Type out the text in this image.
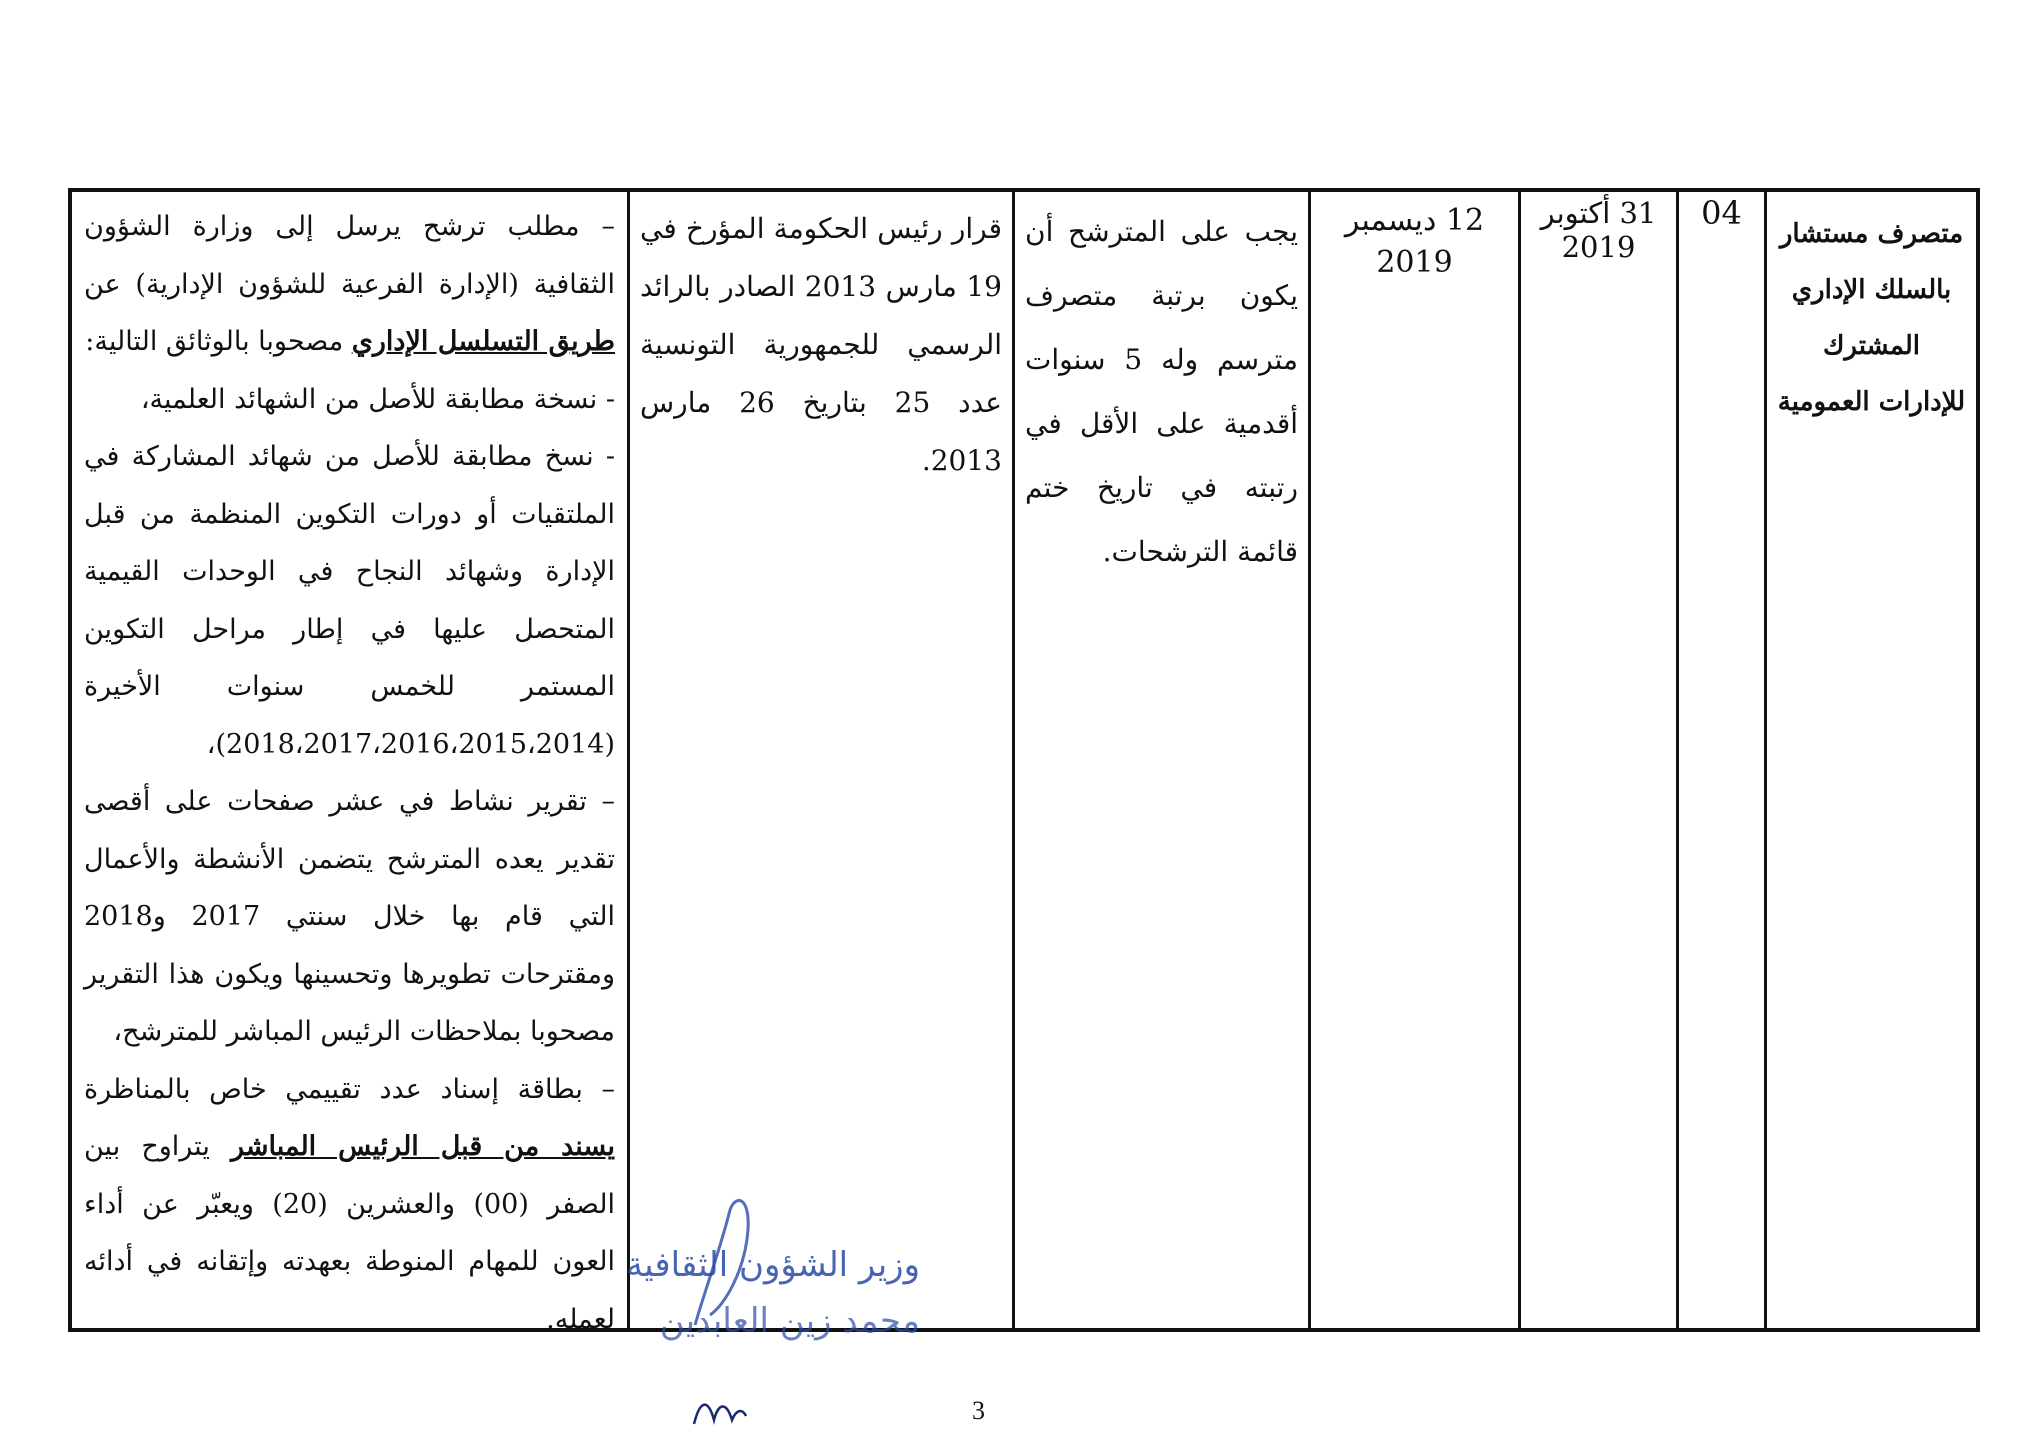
متصرف مستشار بالسلك الإداري المشترك للإدارات العمومية
04
31 أكتوبر 2019
12 ديسمبر 2019
يجب على المترشح أن يكون برتبة متصرف مترسم وله 5 سنوات أقدمية على الأقل في رتبته في تاريخ ختم قائمة الترشحات.
قرار رئيس الحكومة المؤرخ في 19 مارس 2013 الصادر بالرائد الرسمي للجمهورية التونسية عدد 25 بتاريخ 26 مارس 2013.

– مطلب ترشح يرسل إلى وزارة الشؤون الثقافية (الإدارة الفرعية للشؤون الإدارية) عن طريق التسلسل الإداري مصحوبا بالوثائق التالية:

- نسخة مطابقة للأصل من الشهائد العلمية،

- نسخ مطابقة للأصل من شهائد المشاركة في الملتقيات أو دورات التكوين المنظمة من قبل الإدارة وشهائد النجاح في الوحدات القيمية المتحصل عليها في إطار مراحل التكوين المستمر للخمس سنوات الأخيرة (2018،2017،2016،2015،2014)،

– تقرير نشاط في عشر صفحات على أقصى تقدير يعده المترشح يتضمن الأنشطة والأعمال التي قام بها خلال سنتي 2017 و2018 ومقترحات تطويرها وتحسينها ويكون هذا التقرير مصحوبا بملاحظات الرئيس المباشر للمترشح،

– بطاقة إسناد عدد تقييمي خاص بالمناظرة يسند من قبل الرئيس المباشر يتراوح بين الصفر (00) والعشرين (20) ويعبّر عن أداء العون للمهام المنوطة بعهدته وإتقانه في أدائه لعمله.

وزير الشؤون الثقافية
محمد زين العابدين
3
